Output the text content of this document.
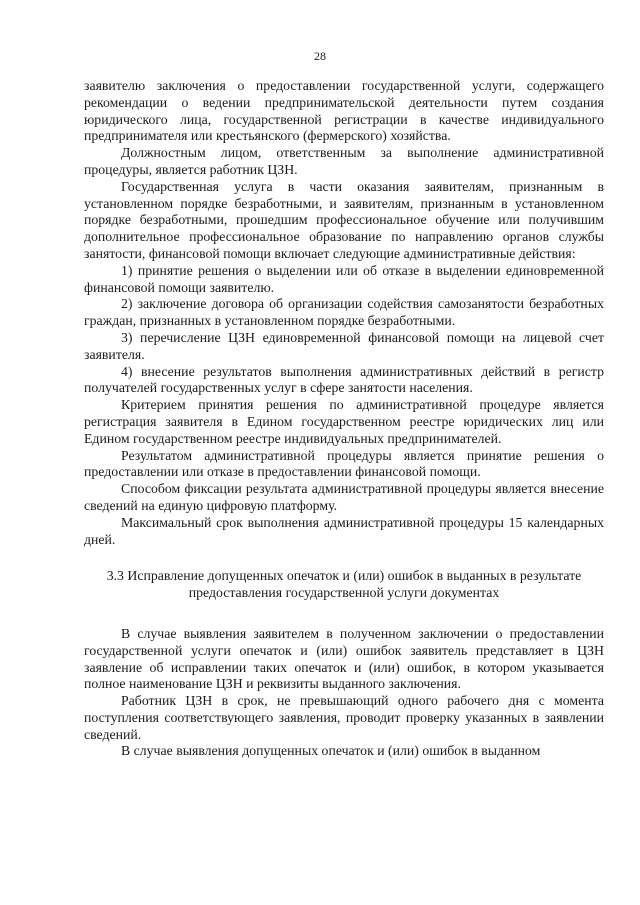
28

заявителю заключения о предоставлении государственной услуги, содержащего рекомендации о ведении предпринимательской деятельности путем создания юридического лица, государственной регистрации в качестве индивидуального предпринимателя или крестьянского (фермерского) хозяйства.

Должностным лицом, ответственным за выполнение административной процедуры, является работник ЦЗН.

Государственная услуга в части оказания заявителям, признанным в установленном порядке безработными, и заявителям, признанным в установленном порядке безработными, прошедшим профессиональное обучение или получившим дополнительное профессиональное образование по направлению органов службы занятости, финансовой помощи включает следующие административные действия:

1) принятие решения о выделении или об отказе в выделении единовременной финансовой помощи заявителю.

2) заключение договора об организации содействия самозанятости безработных граждан, признанных в установленном порядке безработными.

3) перечисление ЦЗН единовременной финансовой помощи на лицевой счет заявителя.

4) внесение результатов выполнения административных действий в регистр получателей государственных услуг в сфере занятости населения.

Критерием принятия решения по административной процедуре является регистрация заявителя в Едином государственном реестре юридических лиц или Едином государственном реестре индивидуальных предпринимателей.

Результатом административной процедуры является принятие решения о предоставлении или отказе в предоставлении финансовой помощи.

Способом фиксации результата административной процедуры является внесение сведений на единую цифровую платформу.

Максимальный срок выполнения административной процедуры 15 календарных дней.

3.3 Исправление допущенных опечаток и (или) ошибок в выданных в результате

предоставления государственной услуги документах

В случае выявления заявителем в полученном заключении о предоставлении государственной услуги опечаток и (или) ошибок заявитель представляет в ЦЗН заявление об исправлении таких опечаток и (или) ошибок, в котором указывается полное наименование ЦЗН и реквизиты выданного заключения.

Работник ЦЗН в срок, не превышающий одного рабочего дня с момента поступления соответствующего заявления, проводит проверку указанных в заявлении сведений.

В случае выявления допущенных опечаток и (или) ошибок в выданном
